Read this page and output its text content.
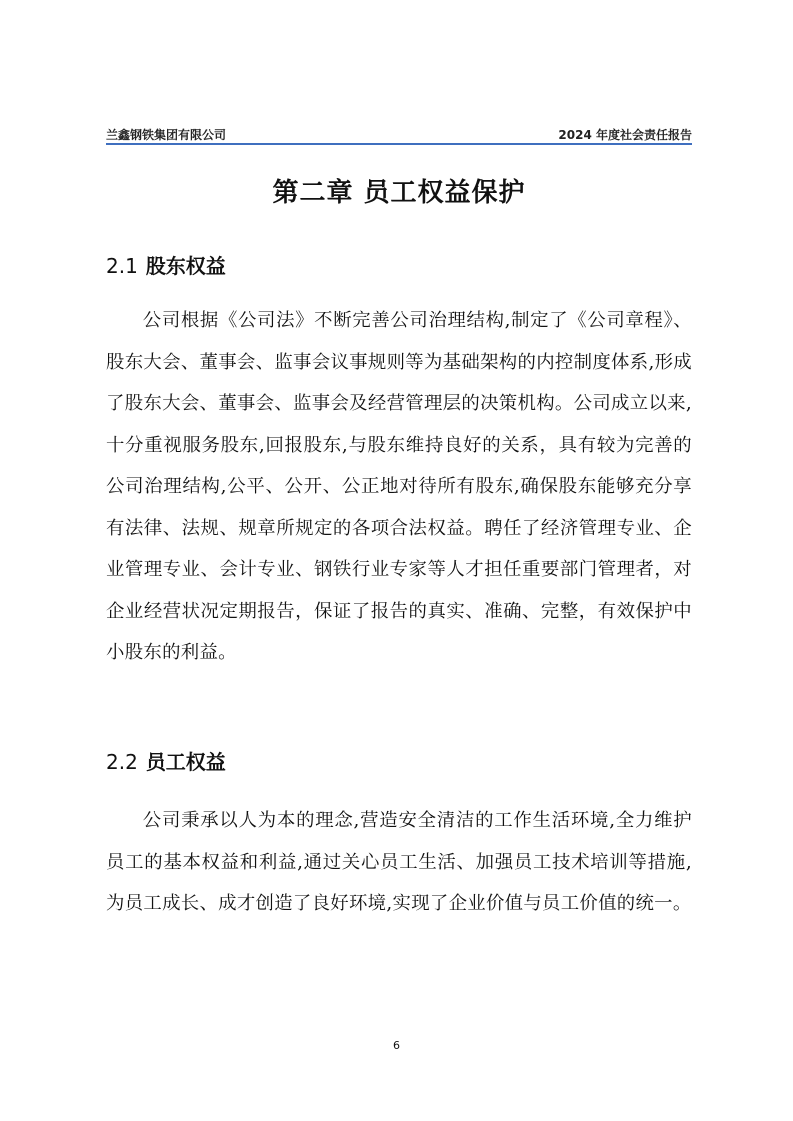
兰鑫钢铁集团有限公司	2024 年度社会责任报告
第二章 员工权益保护
2.1 股东权益

公司根据《公司法》不断完善公司治理结构,制定了《公司章程》、股东大会、董事会、监事会议事规则等为基础架构的内控制度体系,形成了股东大会、董事会、监事会及经营管理层的决策机构。公司成立以来,十分重视服务股东,回报股东,与股东维持良好的关系，具有较为完善的公司治理结构,公平、公开、公正地对待所有股东,确保股东能够充分享有法律、法规、规章所规定的各项合法权益。聘任了经济管理专业、企业管理专业、会计专业、钢铁行业专家等人才担任重要部门管理者，对企业经营状况定期报告，保证了报告的真实、准确、完整，有效保护中小股东的利益。

2.2 员工权益

公司秉承以人为本的理念,营造安全清洁的工作生活环境,全力维护员工的基本权益和利益,通过关心员工生活、加强员工技术培训等措施,为员工成长、成才创造了良好环境,实现了企业价值与员工价值的统一。

6
